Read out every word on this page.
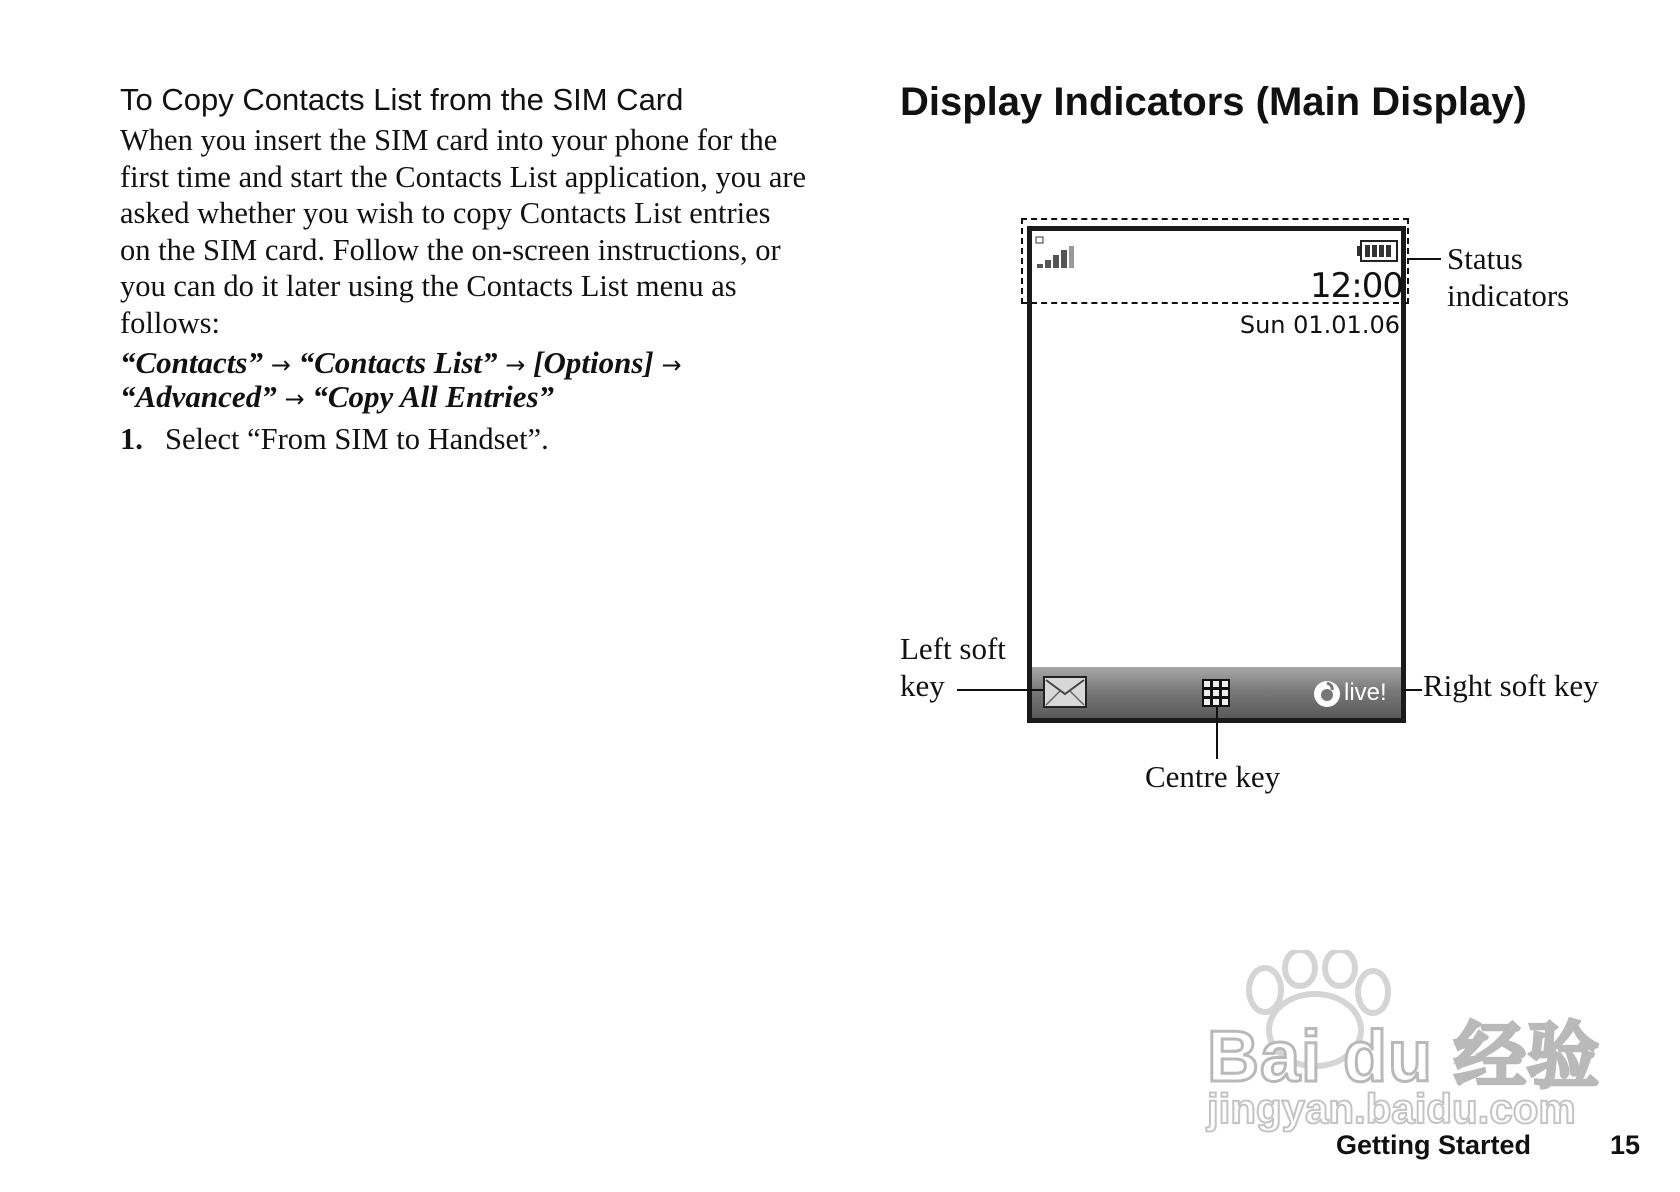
To Copy Contacts List from the SIM Card
When you insert the SIM card into your phone for the
first time and start the Contacts List application, you are
asked whether you wish to copy Contacts List entries
on the SIM card. Follow the on-screen instructions, or
you can do it later using the Contacts List menu as
follows:
“Contacts” → “Contacts List” → [Options] →
“Advanced” → “Copy All Entries”
1. Select “From SIM to Handset”.
Display Indicators (Main Display)
12:00
Sun 01.01.06
live!
Status
indicators
Left soft
key	Right soft key
Centre key
Bai du 经验
jingyan.baidu.com
Getting Started	15
